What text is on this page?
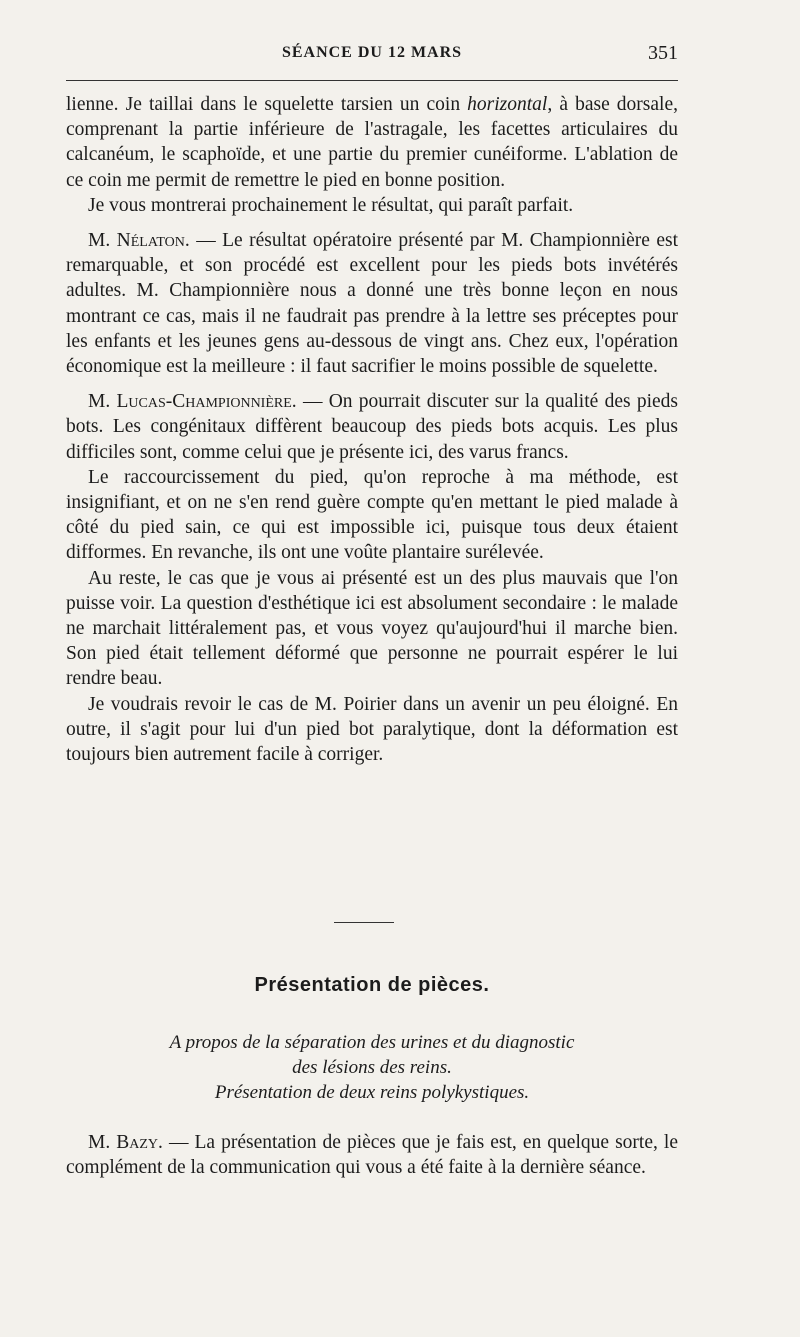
SÉANCE DU 12 MARS	351

lienne. Je taillai dans le squelette tarsien un coin horizontal, à base dorsale, comprenant la partie inférieure de l'astragale, les facettes articulaires du calcanéum, le scaphoïde, et une partie du premier cunéiforme. L'ablation de ce coin me permit de remettre le pied en bonne position.

Je vous montrerai prochainement le résultat, qui paraît parfait.

M. Nélaton. — Le résultat opératoire présenté par M. Championnière est remarquable, et son procédé est excellent pour les pieds bots invétérés adultes. M. Championnière nous a donné une très bonne leçon en nous montrant ce cas, mais il ne faudrait pas prendre à la lettre ses préceptes pour les enfants et les jeunes gens au-dessous de vingt ans. Chez eux, l'opération économique est la meilleure : il faut sacrifier le moins possible de squelette.

M. Lucas-Championnière. — On pourrait discuter sur la qualité des pieds bots. Les congénitaux diffèrent beaucoup des pieds bots acquis. Les plus difficiles sont, comme celui que je présente ici, des varus francs.

Le raccourcissement du pied, qu'on reproche à ma méthode, est insignifiant, et on ne s'en rend guère compte qu'en mettant le pied malade à côté du pied sain, ce qui est impossible ici, puisque tous deux étaient difformes. En revanche, ils ont une voûte plantaire surélevée.

Au reste, le cas que je vous ai présenté est un des plus mauvais que l'on puisse voir. La question d'esthétique ici est absolument secondaire : le malade ne marchait littéralement pas, et vous voyez qu'aujourd'hui il marche bien. Son pied était tellement déformé que personne ne pourrait espérer le lui rendre beau.

Je voudrais revoir le cas de M. Poirier dans un avenir un peu éloigné. En outre, il s'agit pour lui d'un pied bot paralytique, dont la déformation est toujours bien autrement facile à corriger.

Présentation de pièces.
A propos de la séparation des urines et du diagnostic
des lésions des reins.
Présentation de deux reins polykystiques.

M. Bazy. — La présentation de pièces que je fais est, en quelque sorte, le complément de la communication qui vous a été faite à la dernière séance.
